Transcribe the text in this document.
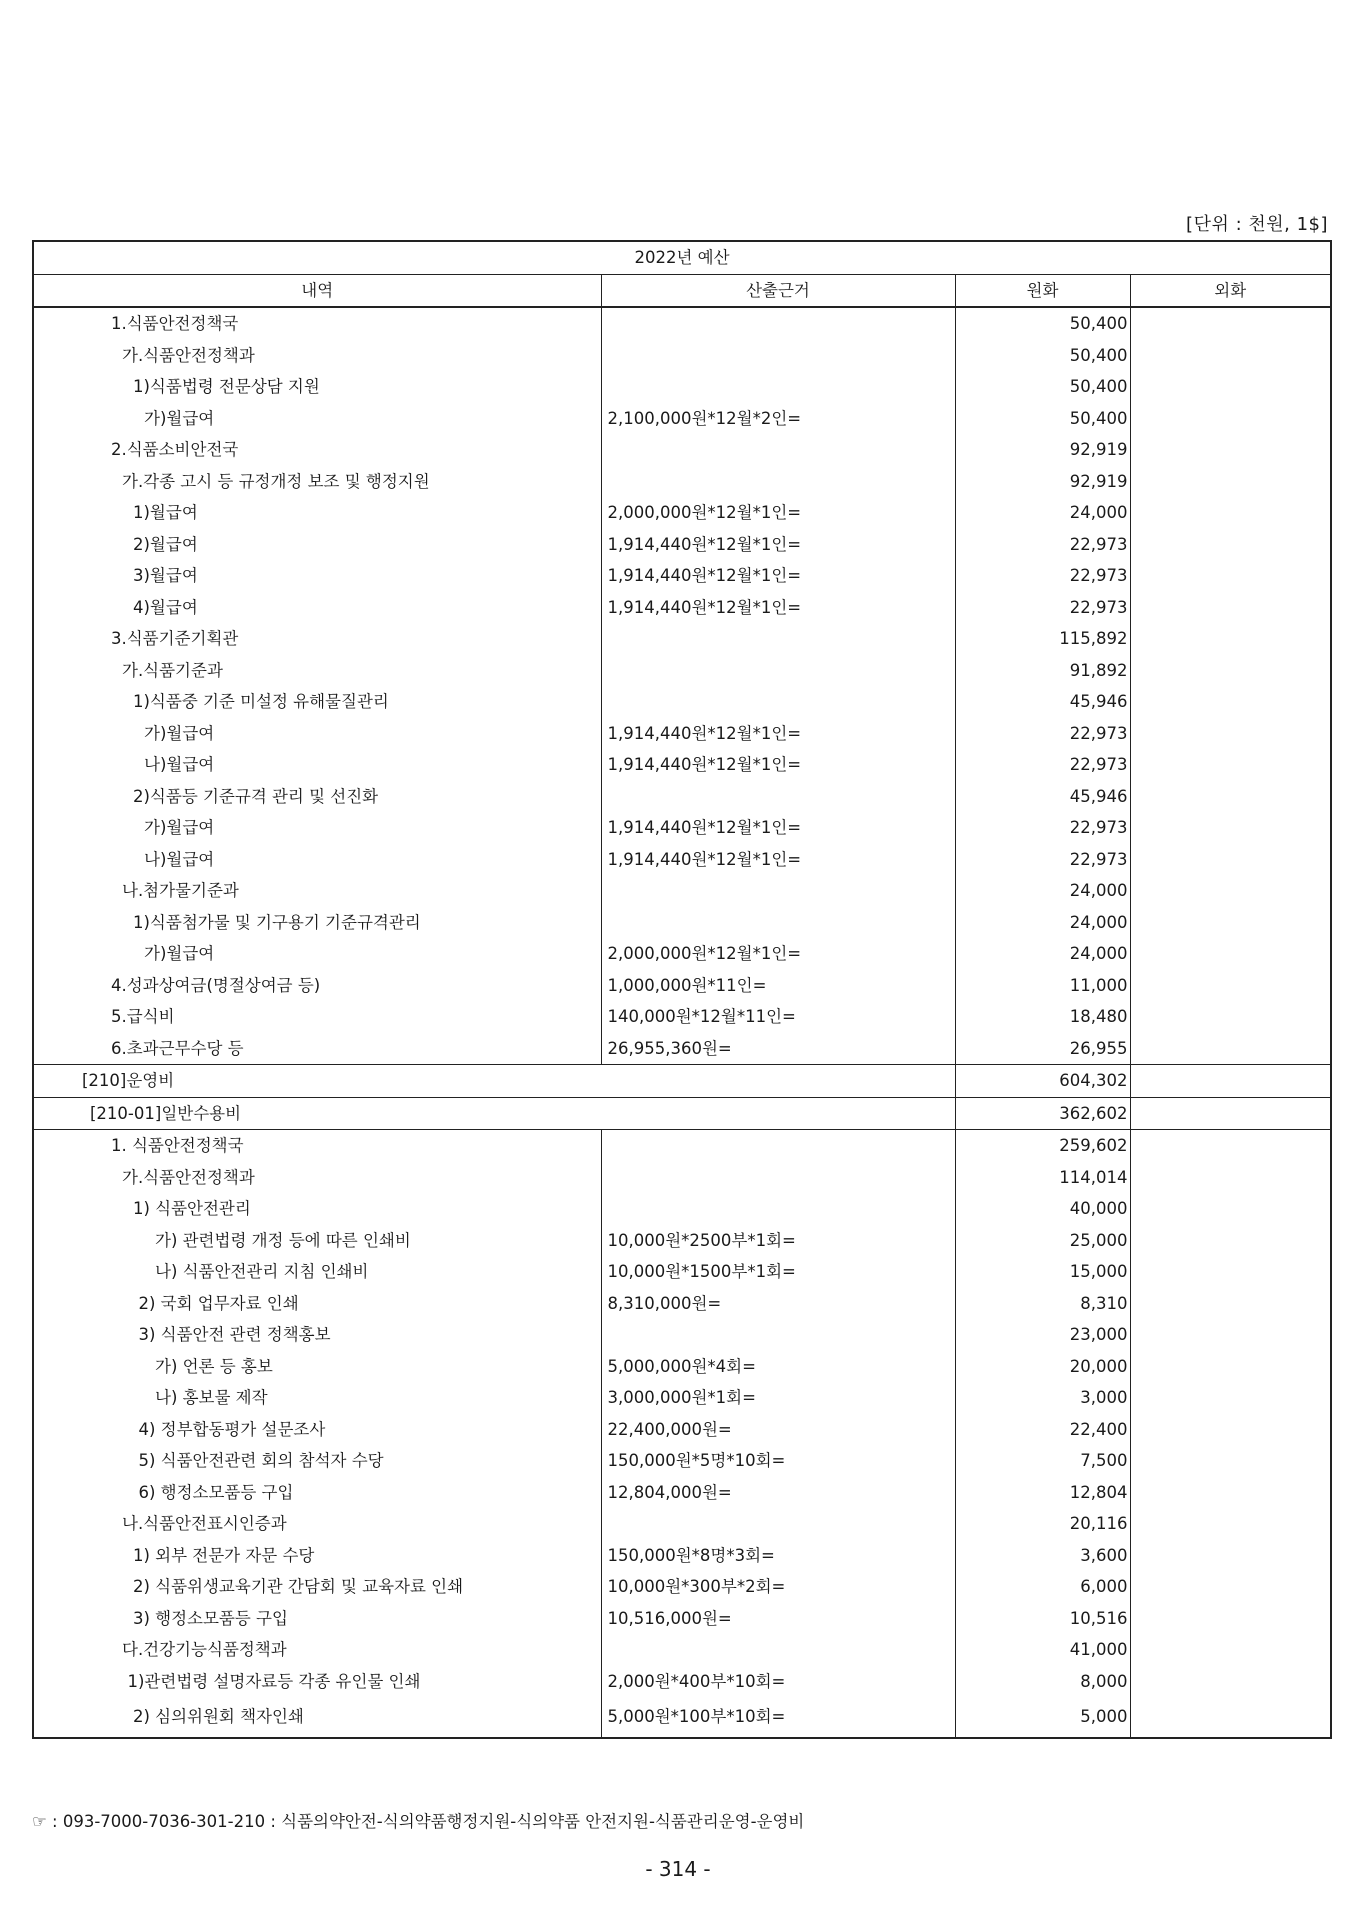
[단위 : 천원, 1$]
2022년 예산			
내역	산출근거	원화	외화
1.식품안전정책국		50,400	
가.식품안전정책과		50,400	
1)식품법령 전문상담 지원		50,400	
가)월급여	2,100,000원*12월*2인=	50,400	
2.식품소비안전국		92,919	
가.각종 고시 등 규정개정 보조 및 행정지원		92,919	
1)월급여	2,000,000원*12월*1인=	24,000	
2)월급여	1,914,440원*12월*1인=	22,973	
3)월급여	1,914,440원*12월*1인=	22,973	
4)월급여	1,914,440원*12월*1인=	22,973	
3.식품기준기획관		115,892	
가.식품기준과		91,892	
1)식품중 기준 미설정 유해물질관리		45,946	
가)월급여	1,914,440원*12월*1인=	22,973	
나)월급여	1,914,440원*12월*1인=	22,973	
2)식품등 기준규격 관리 및 선진화		45,946	
가)월급여	1,914,440원*12월*1인=	22,973	
나)월급여	1,914,440원*12월*1인=	22,973	
나.첨가물기준과		24,000	
1)식품첨가물 및 기구용기 기준규격관리		24,000	
가)월급여	2,000,000원*12월*1인=	24,000	
4.성과상여금(명절상여금 등)	1,000,000원*11인=	11,000	
5.급식비	140,000원*12월*11인=	18,480	
6.초과근무수당 등	26,955,360원=	26,955	
[210]운영비		604,302	
[210-01]일반수용비		362,602	
1. 식품안전정책국		259,602	
가.식품안전정책과		114,014	
1) 식품안전관리		40,000	
가) 관련법령 개정 등에 따른 인쇄비	10,000원*2500부*1회=	25,000	
나) 식품안전관리 지침 인쇄비	10,000원*1500부*1회=	15,000	
2) 국회 업무자료 인쇄	8,310,000원=	8,310	
3) 식품안전 관련 정책홍보		23,000	
가) 언론 등 홍보	5,000,000원*4회=	20,000	
나) 홍보물 제작	3,000,000원*1회=	3,000	
4) 정부합동평가 설문조사	22,400,000원=	22,400	
5) 식품안전관련 회의 참석자 수당	150,000원*5명*10회=	7,500	
6) 행정소모품등 구입	12,804,000원=	12,804	
나.식품안전표시인증과		20,116	
1) 외부 전문가 자문 수당	150,000원*8명*3회=	3,600	
2) 식품위생교육기관 간담회 및 교육자료 인쇄	10,000원*300부*2회=	6,000	
3) 행정소모품등 구입	10,516,000원=	10,516	
다.건강기능식품정책과		41,000	
1)관련법령 설명자료등 각종 유인물 인쇄	2,000원*400부*10회=	8,000	
2) 심의위원회 책자인쇄	5,000원*100부*10회=	5,000	
☞ : 093-7000-7036-301-210 : 식품의약안전-식의약품행정지원-식의약품 안전지원-식품관리운영-운영비
- 314 -
